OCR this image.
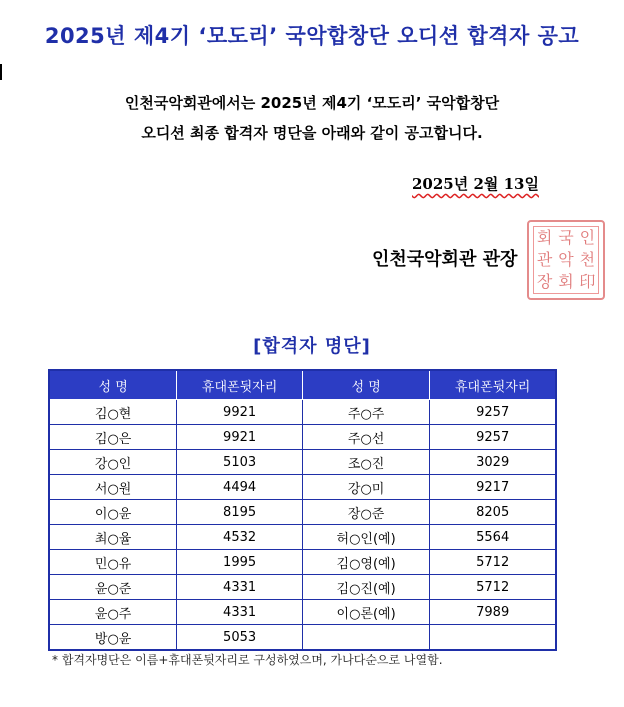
2025년 제4기 ‘모도리’ 국악합창단 오디션 합격자 공고
인천국악회관에서는 2025년 제4기 ‘모도리’ 국악합창단
오디션 최종 합격자 명단을 아래와 같이 공고합니다.
2025년 2월 13일
인천국악회관 관장
회 국 인
관 악 천
장 회 印
[합격자 명단]
성 명	휴대폰뒷자리	성 명	휴대폰뒷자리
김○현	9921	주○주	9257
김○은	9921	주○선	9257
강○인	5103	조○진	3029
서○원	4494	강○미	9217
이○윤	8195	장○준	8205
최○율	4532	허○인(예)	5564
민○유	1995	김○영(예)	5712
윤○준	4331	김○진(예)	5712
윤○주	4331	이○론(예)	7989
방○윤	5053		
* 합격자명단은 이름+휴대폰뒷자리로 구성하였으며, 가나다순으로 나열함.
